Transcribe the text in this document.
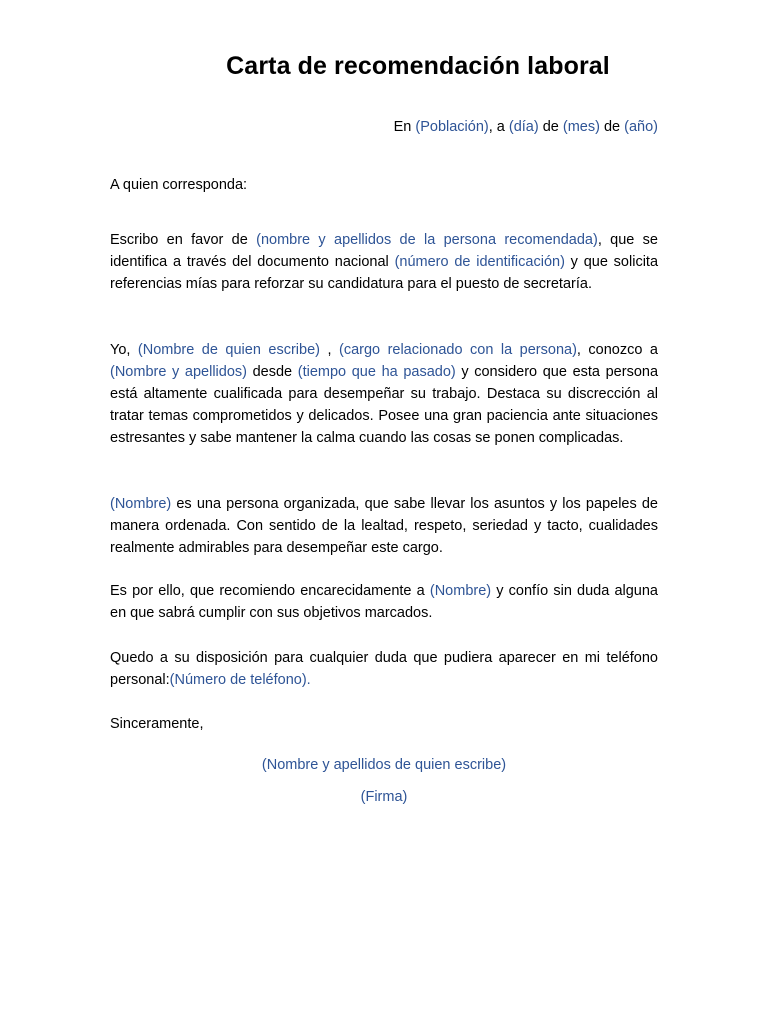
Carta de recomendación laboral
En (Población), a (día) de (mes) de (año)
A quien corresponda:
Escribo en favor de (nombre y apellidos de la persona recomendada), que se identifica a través del documento nacional (número de identificación) y que solicita referencias mías para reforzar su candidatura para el puesto de secretaría.
Yo, (Nombre de quien escribe) , (cargo relacionado con la persona), conozco a (Nombre y apellidos) desde (tiempo que ha pasado) y considero que esta persona está altamente cualificada para desempeñar su trabajo. Destaca su discrección al tratar temas comprometidos y delicados. Posee una gran paciencia ante situaciones estresantes y sabe mantener la calma cuando las cosas se ponen complicadas.
(Nombre) es una persona organizada, que sabe llevar los asuntos y los papeles de manera ordenada. Con sentido de la lealtad, respeto, seriedad y tacto, cualidades realmente admirables para desempeñar este cargo.
Es por ello, que recomiendo encarecidamente a (Nombre) y confío sin duda alguna en que sabrá cumplir con sus objetivos marcados.
Quedo a su disposición para cualquier duda que pudiera aparecer en mi teléfono personal:(Número de teléfono).
Sinceramente,
(Nombre y apellidos de quien escribe)
(Firma)
